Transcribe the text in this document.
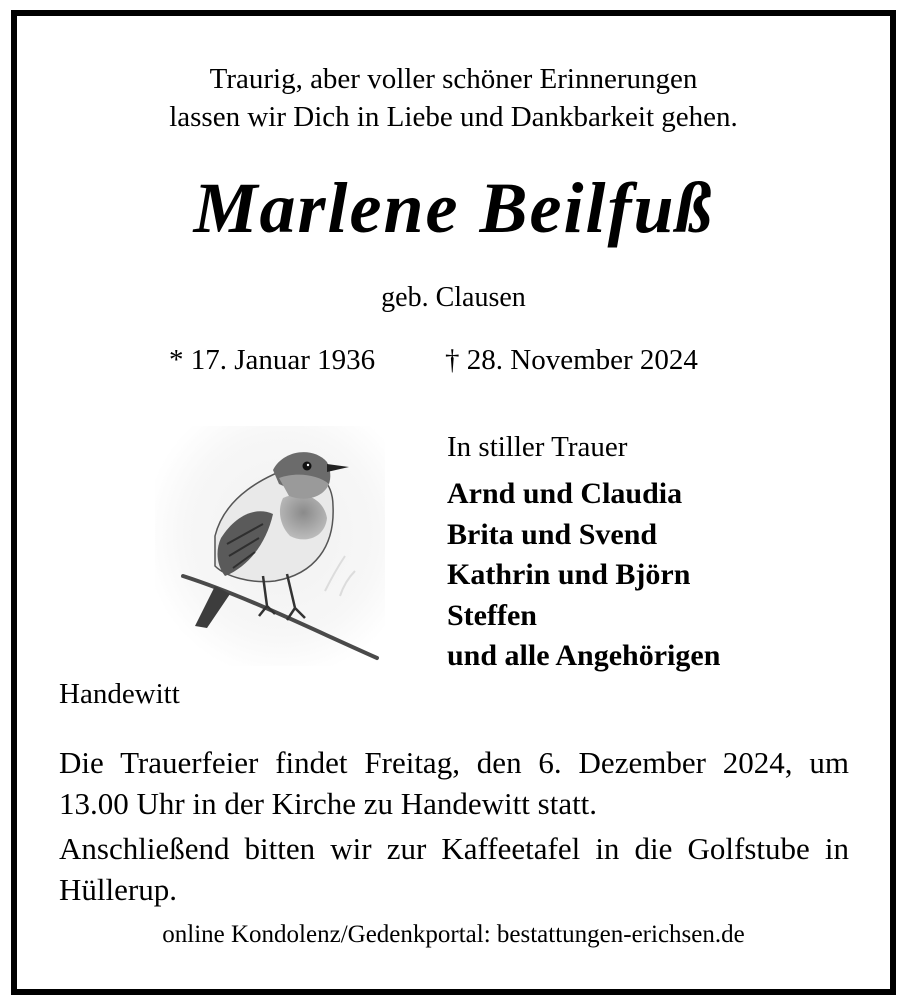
Traurig, aber voller schöner Erinnerungen
lassen wir Dich in Liebe und Dankbarkeit gehen.
Marlene Beilfuß
geb. Clausen
* 17. Januar 1936 † 28. November 2024
In stiller Trauer
Arnd und Claudia
Brita und Svend
Kathrin und Björn
Steffen
und alle Angehörigen
Handewitt
Die Trauerfeier findet Freitag, den 6. Dezember 2024, um 13.00 Uhr in der Kirche zu Handewitt statt.
Anschließend bitten wir zur Kaffeetafel in die Golfstube in Hüllerup.
online Kondolenz/Gedenkportal: bestattungen-erichsen.de
